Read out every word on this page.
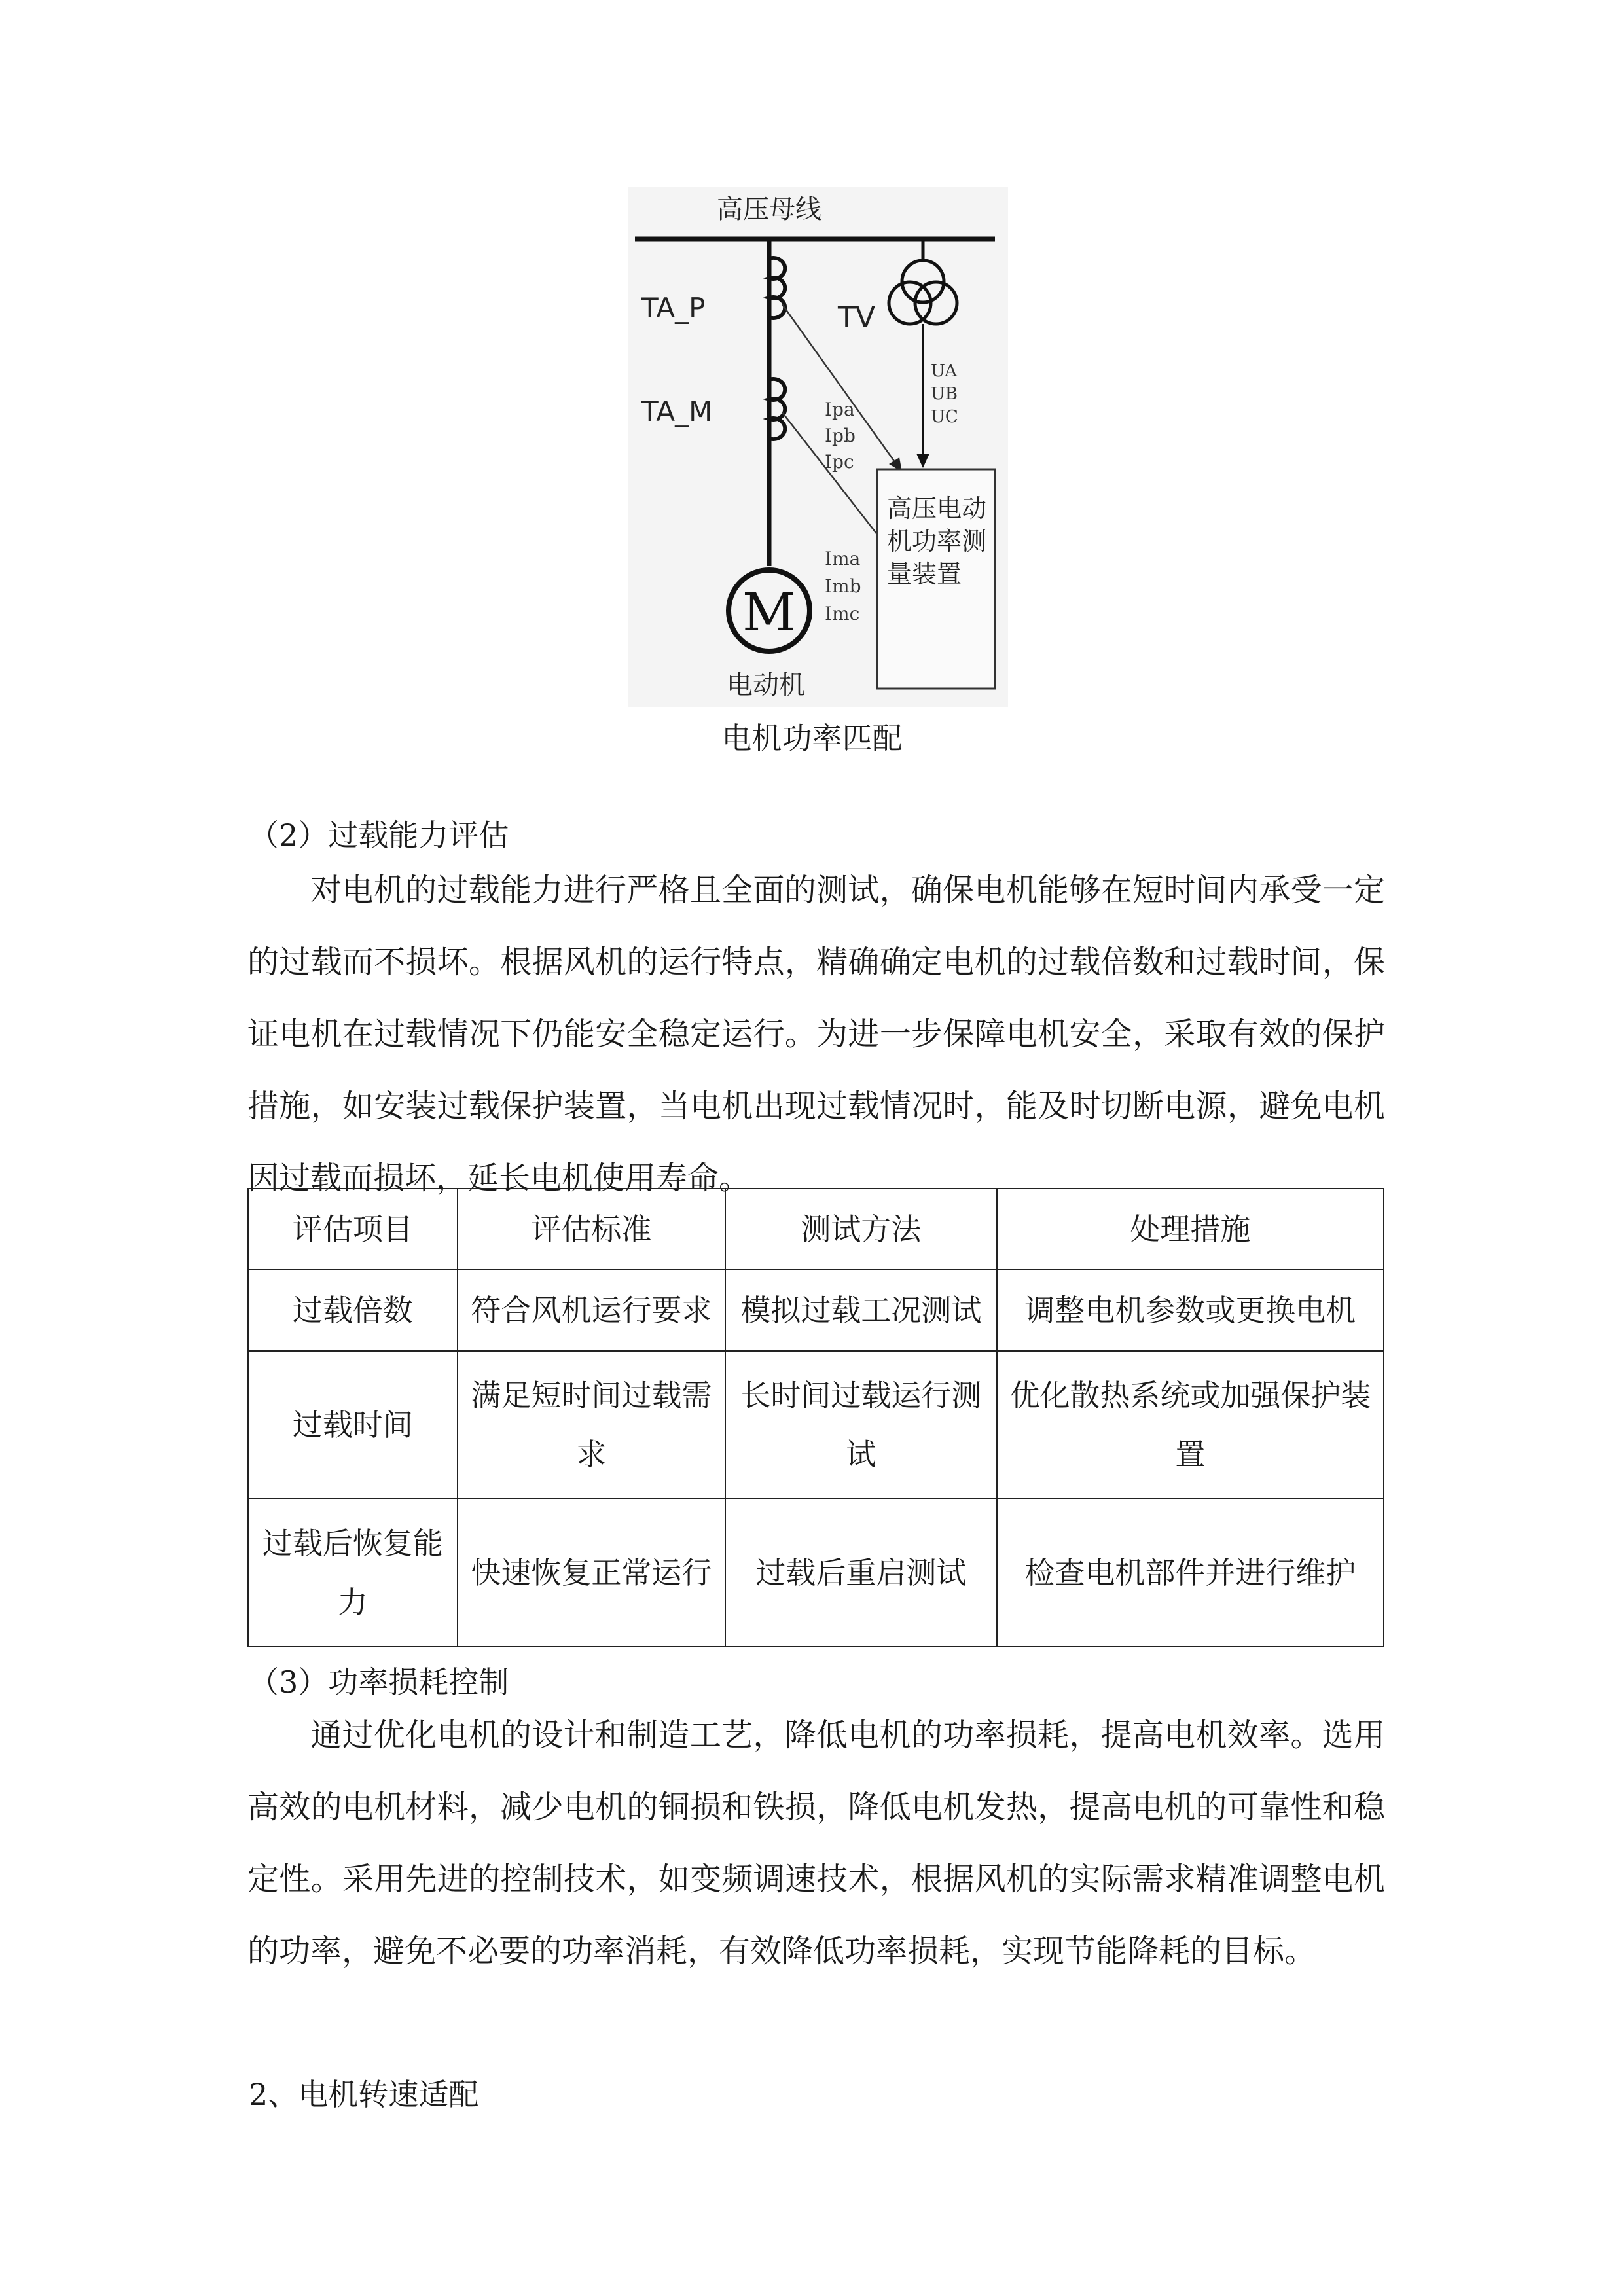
高压母线
TA_P
TA_M
TV
UA
UB
UC
Ipa
Ipb
Ipc
Ima
Imb
Imc
高压电动
机功率测
量装置
M
电动机
电机功率匹配
（2）过载能力评估

对电机的过载能力进行严格且全面的测试，确保电机能够在短时间内承受一定的过载而不损坏。根据风机的运行特点，精确确定电机的过载倍数和过载时间，保证电机在过载情况下仍能安全稳定运行。为进一步保障电机安全，采取有效的保护措施，如安装过载保护装置，当电机出现过载情况时，能及时切断电源，避免电机因过载而损坏，延长电机使用寿命。

评估项目	评估标准	测试方法	处理措施
过载倍数	符合风机运行要求	模拟过载工况测试	调整电机参数或更换电机
过载时间	满足短时间过载需求	长时间过载运行测试	优化散热系统或加强保护装置
过载后恢复能力	快速恢复正常运行	过载后重启测试	检查电机部件并进行维护
（3）功率损耗控制

通过优化电机的设计和制造工艺，降低电机的功率损耗，提高电机效率。选用高效的电机材料，减少电机的铜损和铁损，降低电机发热，提高电机的可靠性和稳定性。采用先进的控制技术，如变频调速技术，根据风机的实际需求精准调整电机的功率，避免不必要的功率消耗，有效降低功率损耗，实现节能降耗的目标。

2、电机转速适配
